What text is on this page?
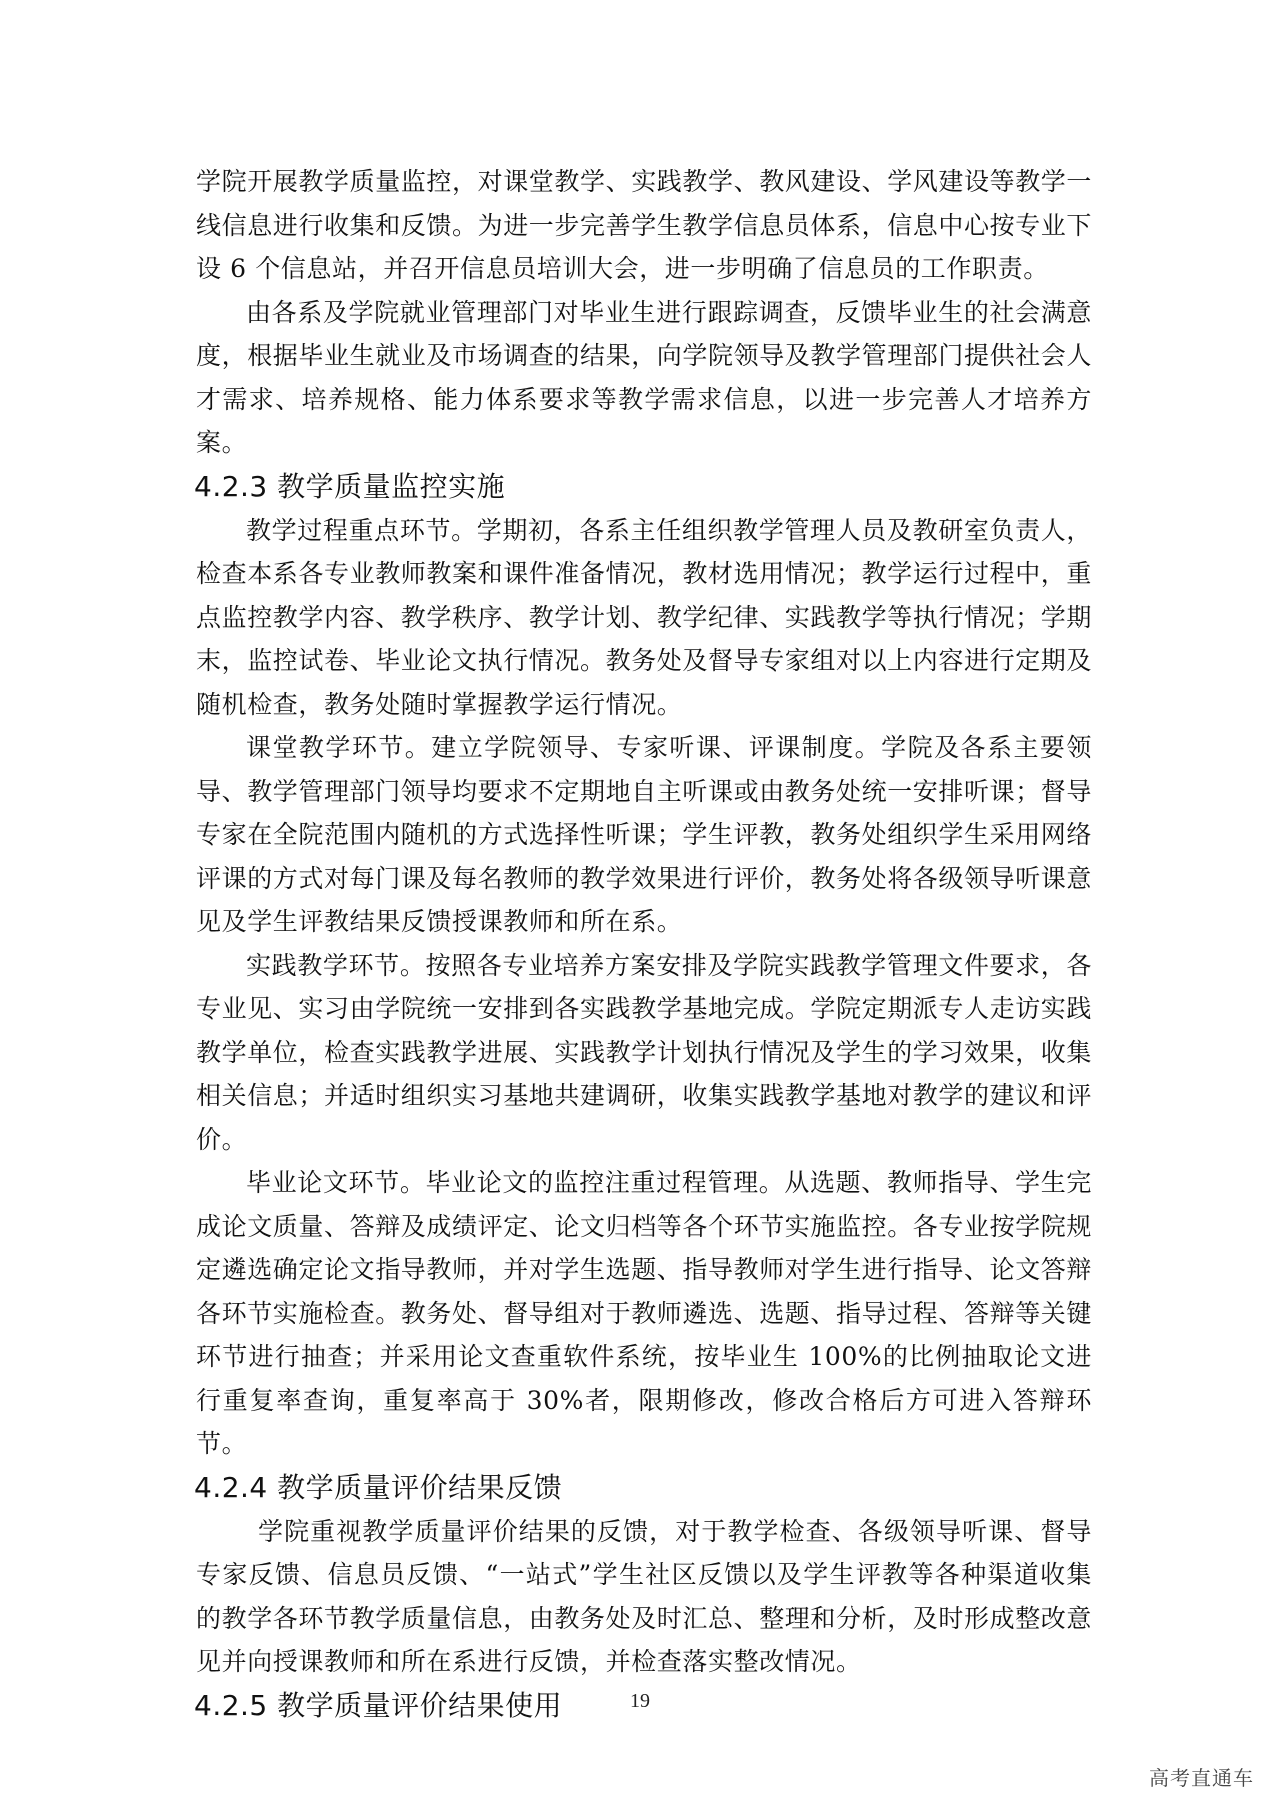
学院开展教学质量监控，对课堂教学、实践教学、教风建设、学风建设等教学一线信息进行收集和反馈。为进一步完善学生教学信息员体系，信息中心按专业下设 6 个信息站，并召开信息员培训大会，进一步明确了信息员的工作职责。

由各系及学院就业管理部门对毕业生进行跟踪调查，反馈毕业生的社会满意度，根据毕业生就业及市场调查的结果，向学院领导及教学管理部门提供社会人才需求、培养规格、能力体系要求等教学需求信息，以进一步完善人才培养方案。

4.2.3 教学质量监控实施

教学过程重点环节。学期初，各系主任组织教学管理人员及教研室负责人，检查本系各专业教师教案和课件准备情况，教材选用情况；教学运行过程中，重点监控教学内容、教学秩序、教学计划、教学纪律、实践教学等执行情况；学期末，监控试卷、毕业论文执行情况。教务处及督导专家组对以上内容进行定期及随机检查，教务处随时掌握教学运行情况。

课堂教学环节。建立学院领导、专家听课、评课制度。学院及各系主要领导、教学管理部门领导均要求不定期地自主听课或由教务处统一安排听课；督导专家在全院范围内随机的方式选择性听课；学生评教，教务处组织学生采用网络评课的方式对每门课及每名教师的教学效果进行评价，教务处将各级领导听课意见及学生评教结果反馈授课教师和所在系。

实践教学环节。按照各专业培养方案安排及学院实践教学管理文件要求，各专业见、实习由学院统一安排到各实践教学基地完成。学院定期派专人走访实践教学单位，检查实践教学进展、实践教学计划执行情况及学生的学习效果，收集相关信息；并适时组织实习基地共建调研，收集实践教学基地对教学的建议和评价。

毕业论文环节。毕业论文的监控注重过程管理。从选题、教师指导、学生完成论文质量、答辩及成绩评定、论文归档等各个环节实施监控。各专业按学院规定遴选确定论文指导教师，并对学生选题、指导教师对学生进行指导、论文答辩各环节实施检查。教务处、督导组对于教师遴选、选题、指导过程、答辩等关键环节进行抽查；并采用论文查重软件系统，按毕业生 100%的比例抽取论文进行重复率查询，重复率高于 30%者，限期修改，修改合格后方可进入答辩环节。

4.2.4 教学质量评价结果反馈

学院重视教学质量评价结果的反馈，对于教学检查、各级领导听课、督导专家反馈、信息员反馈、“一站式”学生社区反馈以及学生评教等各种渠道收集的教学各环节教学质量信息，由教务处及时汇总、整理和分析，及时形成整改意见并向授课教师和所在系进行反馈，并检查落实整改情况。

4.2.5 教学质量评价结果使用	19
高考直通车
